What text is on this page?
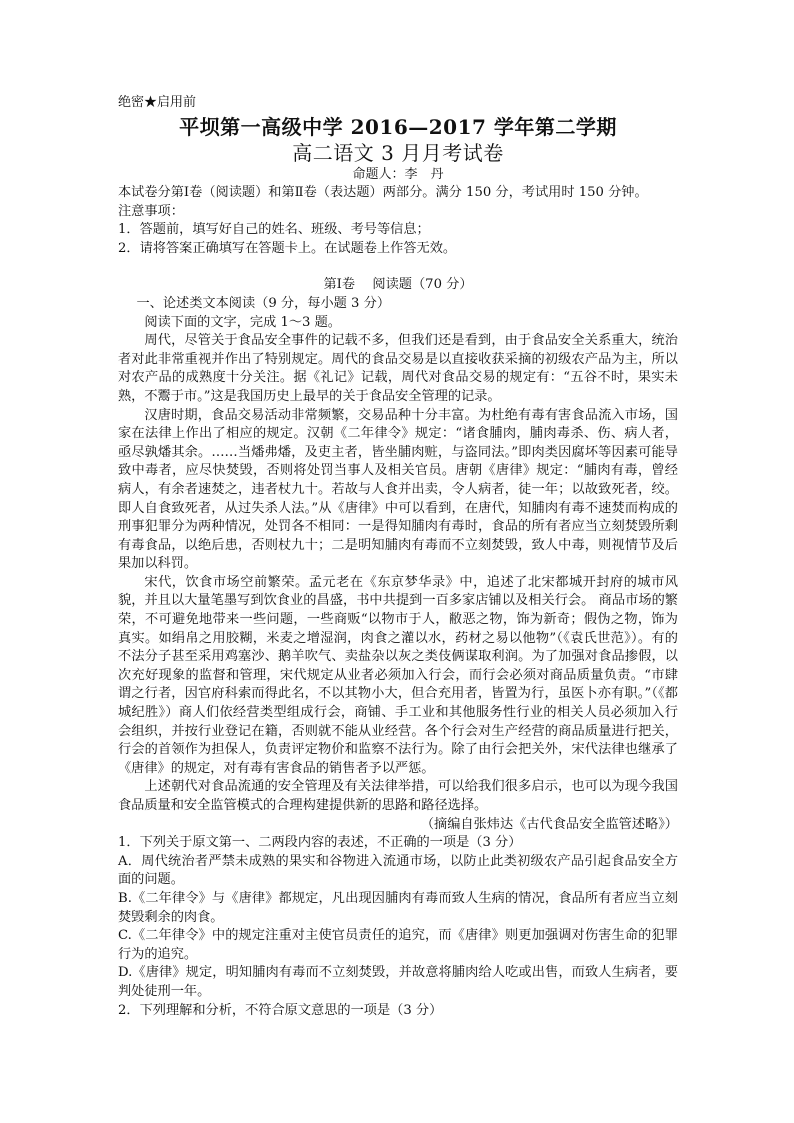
绝密★启用前
平坝第一高级中学 2016—2017 学年第二学期
高二语文 3 月月考试卷
命题人：李　丹

本试卷分第Ⅰ卷（阅读题）和第Ⅱ卷（表达题）两部分。满分 150 分，考试用时 150 分钟。

注意事项：

1．答题前，填写好自己的姓名、班级、考号等信息；

2．请将答案正确填写在答题卡上。在试题卷上作答无效。

第Ⅰ卷　 阅读题（70 分）

一、论述类文本阅读（9 分，每小题 3 分）

阅读下面的文字，完成 1～3 题。

周代，尽管关于食品安全事件的记载不多，但我们还是看到，由于食品安全关系重大，统治者对此非常重视并作出了特别规定。周代的食品交易是以直接收获采摘的初级农产品为主，所以对农产品的成熟度十分关注。据《礼记》记载，周代对食品交易的规定有：“五谷不时，果实未熟，不鬻于市。”这是我国历史上最早的关于食品安全管理的记录。

汉唐时期，食品交易活动非常频繁，交易品种十分丰富。为杜绝有毒有害食品流入市场，国家在法律上作出了相应的规定。汉朝《二年律令》规定：“诸食脯肉，脯肉毒杀、伤、病人者，亟尽孰燔其余。……当燔弗燔，及吏主者，皆坐脯肉赃，与盗同法。”即肉类因腐坏等因素可能导致中毒者，应尽快焚毁，否则将处罚当事人及相关官员。唐朝《唐律》规定：“脯肉有毒，曾经病人，有余者速焚之，违者杖九十。若故与人食并出卖，令人病者，徒一年；以故致死者，绞。即人自食致死者，从过失杀人法。”从《唐律》中可以看到，在唐代，知脯肉有毒不速焚而构成的刑事犯罪分为两种情况，处罚各不相同：一是得知脯肉有毒时，食品的所有者应当立刻焚毁所剩有毒食品，以绝后患，否则杖九十；二是明知脯肉有毒而不立刻焚毁，致人中毒，则视情节及后果加以科罚。

宋代，饮食市场空前繁荣。孟元老在《东京梦华录》中，追述了北宋都城开封府的城市风貌，并且以大量笔墨写到饮食业的昌盛，书中共提到一百多家店铺以及相关行会。 商品市场的繁荣，不可避免地带来一些问题，一些商贩“以物市于人，敝恶之物，饰为新奇；假伪之物，饰为真实。如绢帛之用胶糊，米麦之增湿润，肉食之灌以水，药材之易以他物”（《袁氏世范》）。有的不法分子甚至采用鸡塞沙、鹅羊吹气、卖盐杂以灰之类伎俩谋取利润。为了加强对食品掺假，以次充好现象的监督和管理，宋代规定从业者必须加入行会，而行会必须对商品质量负责。“市肆谓之行者，因官府科索而得此名，不以其物小大，但合充用者，皆置为行，虽医卜亦有职。”（《都城纪胜》）商人们依经营类型组成行会，商铺、手工业和其他服务性行业的相关人员必须加入行会组织，并按行业登记在籍，否则就不能从业经营。各个行会对生产经营的商品质量进行把关，行会的首领作为担保人，负责评定物价和监察不法行为。除了由行会把关外，宋代法律也继承了《唐律》的规定，对有毒有害食品的销售者予以严惩。

上述朝代对食品流通的安全管理及有关法律举措，可以给我们很多启示，也可以为现今我国食品质量和安全监管模式的合理构建提供新的思路和路径选择。

（摘编自张炜达《古代食品安全监管述略》）

1．下列关于原文第一、二两段内容的表述，不正确的一项是（3 分）

A．周代统治者严禁未成熟的果实和谷物进入流通市场，以防止此类初级农产品引起食品安全方面的问题。

B.《二年律令》与《唐律》都规定，凡出现因脯肉有毒而致人生病的情况，食品所有者应当立刻焚毁剩余的肉食。

C.《二年律令》中的规定注重对主使官员责任的追究，而《唐律》则更加强调对伤害生命的犯罪行为的追究。

D.《唐律》规定，明知脯肉有毒而不立刻焚毁，并故意将脯肉给人吃或出售，而致人生病者，要判处徒刑一年。

2．下列理解和分析，不符合原文意思的一项是（3 分）
